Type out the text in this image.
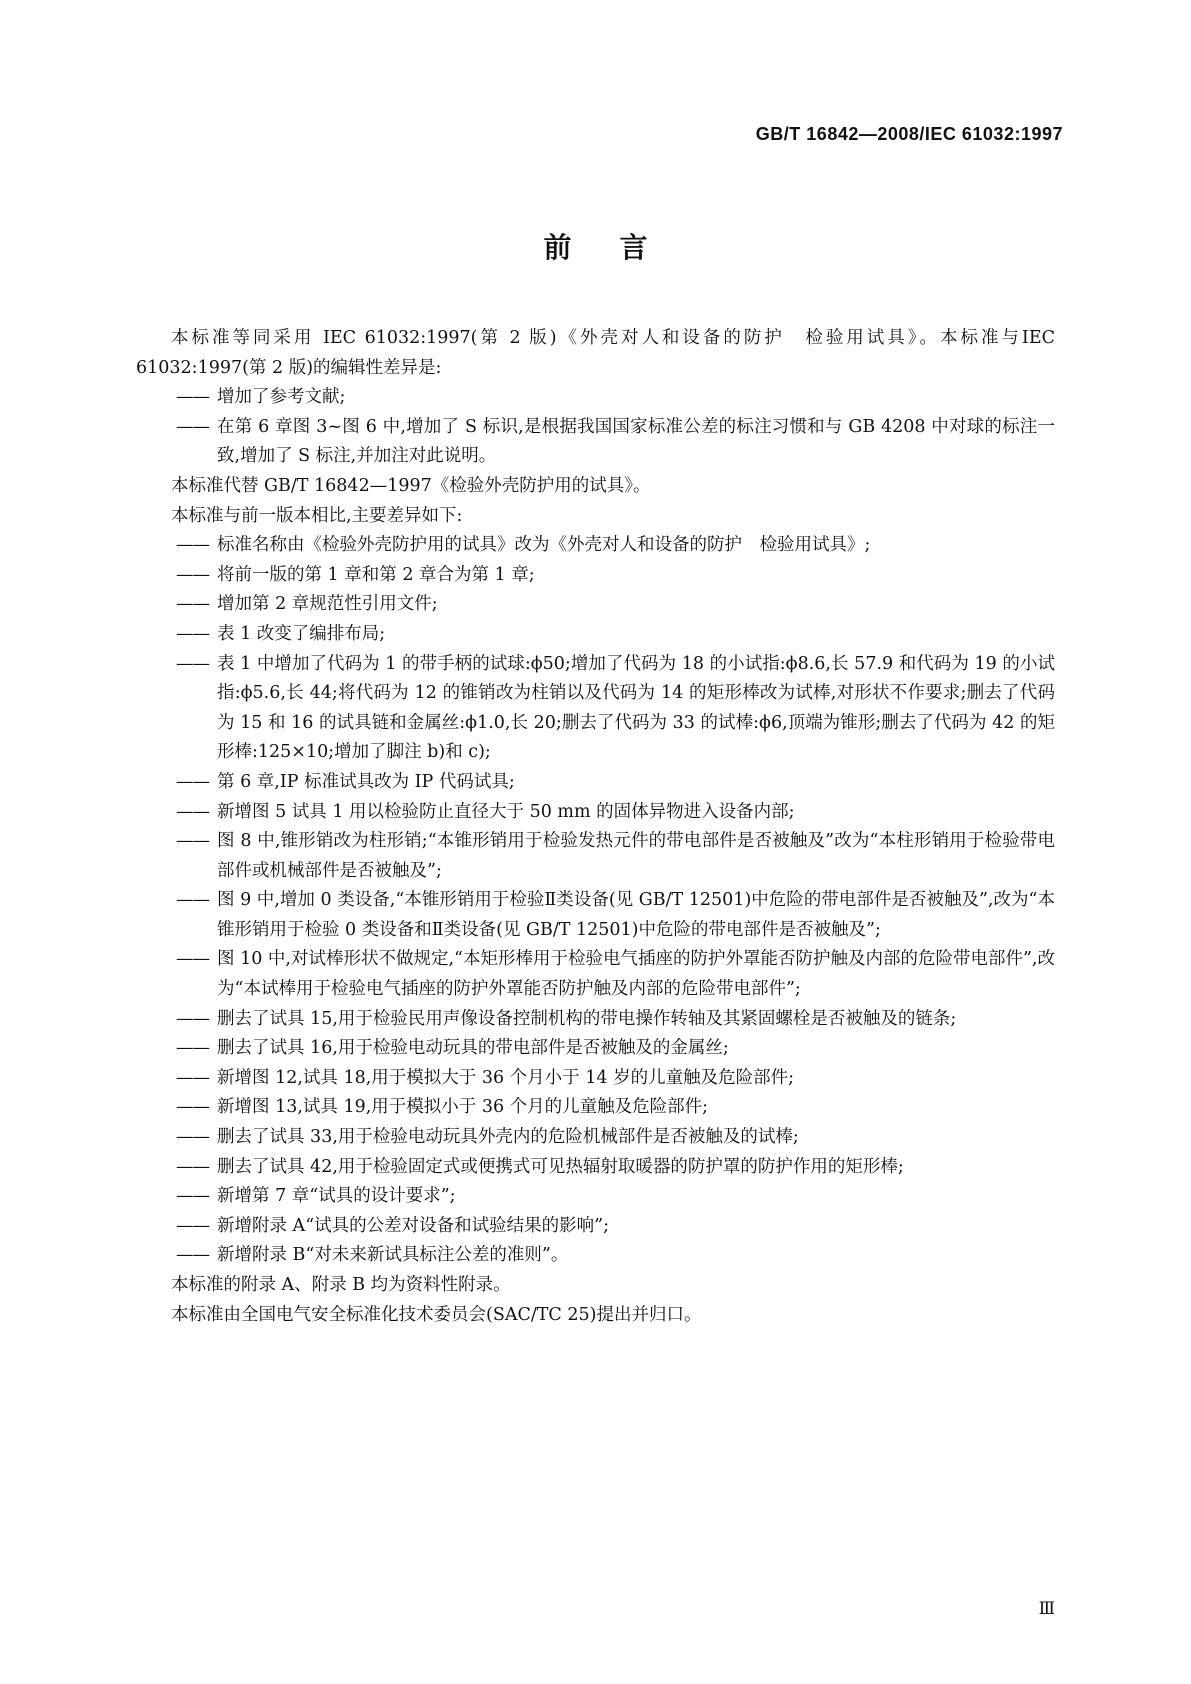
GB/T 16842—2008/IEC 61032:1997
前言

本标准等同采用 IEC 61032:1997(第 2 版)《外壳对人和设备的防护　检验用试具》。本标准与IEC 61032:1997(第 2 版)的编辑性差异是:

—— 增加了参考文献;

—— 在第 6 章图 3~图 6 中,增加了 S 标识,是根据我国国家标准公差的标注习惯和与 GB 4208 中对球的标注一致,增加了 S 标注,并加注对此说明。

本标准代替 GB/T 16842—1997《检验外壳防护用的试具》。

本标准与前一版本相比,主要差异如下:

—— 标准名称由《检验外壳防护用的试具》改为《外壳对人和设备的防护　检验用试具》;

—— 将前一版的第 1 章和第 2 章合为第 1 章;

—— 增加第 2 章规范性引用文件;

—— 表 1 改变了编排布局;

—— 表 1 中增加了代码为 1 的带手柄的试球:ϕ50;增加了代码为 18 的小试指:ϕ8.6,长 57.9 和代码为 19 的小试指:ϕ5.6,长 44;将代码为 12 的锥销改为柱销以及代码为 14 的矩形棒改为试棒,对形状不作要求;删去了代码为 15 和 16 的试具链和金属丝:ϕ1.0,长 20;删去了代码为 33 的试棒:ϕ6,顶端为锥形;删去了代码为 42 的矩形棒:125×10;增加了脚注 b)和 c);

—— 第 6 章,IP 标准试具改为 IP 代码试具;

—— 新增图 5 试具 1 用以检验防止直径大于 50 mm 的固体异物进入设备内部;

—— 图 8 中,锥形销改为柱形销;“本锥形销用于检验发热元件的带电部件是否被触及”改为“本柱形销用于检验带电部件或机械部件是否被触及”;

—— 图 9 中,增加 0 类设备,“本锥形销用于检验Ⅱ类设备(见 GB/T 12501)中危险的带电部件是否被触及”,改为“本锥形销用于检验 0 类设备和Ⅱ类设备(见 GB/T 12501)中危险的带电部件是否被触及”;

—— 图 10 中,对试棒形状不做规定,“本矩形棒用于检验电气插座的防护外罩能否防护触及内部的危险带电部件”,改为“本试棒用于检验电气插座的防护外罩能否防护触及内部的危险带电部件”;

—— 删去了试具 15,用于检验民用声像设备控制机构的带电操作转轴及其紧固螺栓是否被触及的链条;

—— 删去了试具 16,用于检验电动玩具的带电部件是否被触及的金属丝;

—— 新增图 12,试具 18,用于模拟大于 36 个月小于 14 岁的儿童触及危险部件;

—— 新增图 13,试具 19,用于模拟小于 36 个月的儿童触及危险部件;

—— 删去了试具 33,用于检验电动玩具外壳内的危险机械部件是否被触及的试棒;

—— 删去了试具 42,用于检验固定式或便携式可见热辐射取暖器的防护罩的防护作用的矩形棒;

—— 新增第 7 章“试具的设计要求”;

—— 新增附录 A“试具的公差对设备和试验结果的影响”;

—— 新增附录 B“对未来新试具标注公差的准则”。

本标准的附录 A、附录 B 均为资料性附录。

本标准由全国电气安全标准化技术委员会(SAC/TC 25)提出并归口。

Ⅲ
